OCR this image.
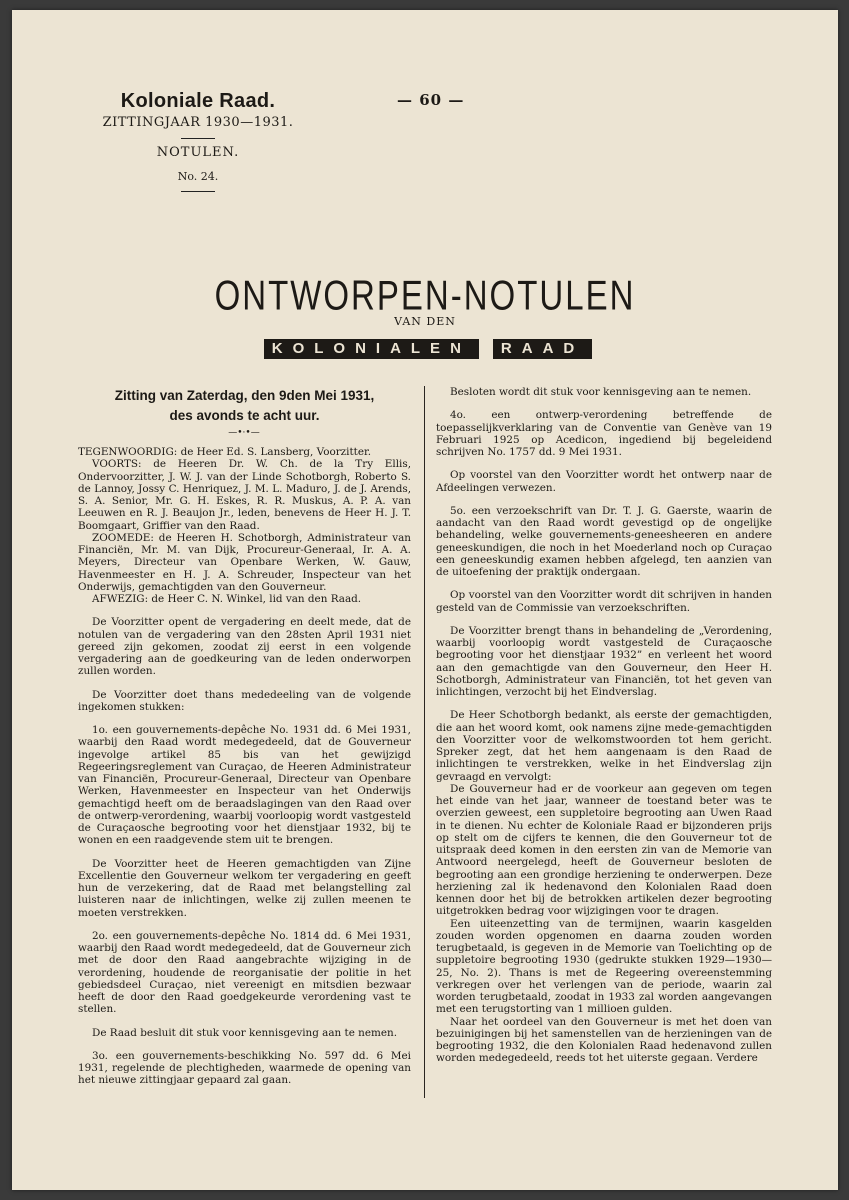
Koloniale Raad.
ZITTINGJAAR 1930—1931.
NOTULEN.
No. 24.
— 60 —
ONTWORPEN-NOTULEN
VAN DEN
KOLONIALEN	RAAD
Zitting van Zaterdag, den 9den Mei 1931,
des avonds te acht uur.
—•·•—

TEGENWOORDIG: de Heer Ed. S. Lansberg, Voorzitter.

VOORTS: de Heeren Dr. W. Ch. de la Try Ellis, Ondervoorzitter, J. W. J. van der Linde Schotborgh, Roberto S. de Lannoy, Jossy C. Henriquez, J. M. L. Maduro, J. de J. Arends, S. A. Senior, Mr. G. H. Eskes, R. R. Muskus, A. P. A. van Leeuwen en R. J. Beaujon Jr., leden, benevens de Heer H. J. T. Boomgaart, Griffier van den Raad.

ZOOMEDE: de Heeren H. Schotborgh, Administrateur van Financiën, Mr. M. van Dijk, Procureur-Generaal, Ir. A. A. Meyers, Directeur van Openbare Werken, W. Gauw, Havenmeester en H. J. A. Schreuder, Inspecteur van het Onderwijs, gemachtigden van den Gouverneur.

AFWEZIG: de Heer C. N. Winkel, lid van den Raad.

De Voorzitter opent de vergadering en deelt mede, dat de notulen van de vergadering van den 28sten April 1931 niet gereed zijn gekomen, zoodat zij eerst in een volgende vergadering aan de goedkeuring van de leden onderworpen zullen worden.

De Voorzitter doet thans mededeeling van de volgende ingekomen stukken:

1o. een gouvernements-depêche No. 1931 dd. 6 Mei 1931, waarbij den Raad wordt medegedeeld, dat de Gouverneur ingevolge artikel 85 bis van het gewijzigd Regeeringsreglement van Curaçao, de Heeren Administrateur van Financiën, Procureur-Generaal, Directeur van Openbare Werken, Havenmeester en Inspecteur van het Onderwijs gemachtigd heeft om de beraadslagingen van den Raad over de ontwerp-verordening, waarbij voorloopig wordt vastgesteld de Curaçaosche begrooting voor het dienstjaar 1932, bij te wonen en een raadgevende stem uit te brengen.

De Voorzitter heet de Heeren gemachtigden van Zijne Excellentie den Gouverneur welkom ter vergadering en geeft hun de verzekering, dat de Raad met belangstelling zal luisteren naar de inlichtingen, welke zij zullen meenen te moeten verstrekken.

2o. een gouvernements-depêche No. 1814 dd. 6 Mei 1931, waarbij den Raad wordt medegedeeld, dat de Gouverneur zich met de door den Raad aangebrachte wijziging in de verordening, houdende de reorganisatie der politie in het gebiedsdeel Curaçao, niet vereenigt en mitsdien bezwaar heeft de door den Raad goedgekeurde verordening vast te stellen.

De Raad besluit dit stuk voor kennisgeving aan te nemen.

3o. een gouvernements-beschikking No. 597 dd. 6 Mei 1931, regelende de plechtigheden, waarmede de opening van het nieuwe zittingjaar gepaard zal gaan.

Besloten wordt dit stuk voor kennisgeving aan te nemen.

4o. een ontwerp-verordening betreffende de toepasselijkverklaring van de Conventie van Genève van 19 Februari 1925 op Acedicon, ingediend bij begeleidend schrijven No. 1757 dd. 9 Mei 1931.

Op voorstel van den Voorzitter wordt het ontwerp naar de Afdeelingen verwezen.

5o. een verzoekschrift van Dr. T. J. G. Gaerste, waarin de aandacht van den Raad wordt gevestigd op de ongelijke behandeling, welke gouvernements-geneesheeren en andere geneeskundigen, die noch in het Moederland noch op Curaçao een geneeskundig examen hebben afgelegd, ten aanzien van de uitoefening der praktijk ondergaan.

Op voorstel van den Voorzitter wordt dit schrijven in handen gesteld van de Commissie van verzoekschriften.

De Voorzitter brengt thans in behandeling de „Verordening, waarbij voorloopig wordt vastgesteld de Curaçaosche begrooting voor het dienstjaar 1932” en verleent het woord aan den gemachtigde van den Gouverneur, den Heer H. Schotborgh, Administrateur van Financiën, tot het geven van inlichtingen, verzocht bij het Eindverslag.

De Heer Schotborgh bedankt, als eerste der gemachtigden, die aan het woord komt, ook namens zijne mede-gemachtigden den Voorzitter voor de welkomstwoorden tot hem gericht. Spreker zegt, dat het hem aangenaam is den Raad de inlichtingen te verstrekken, welke in het Eindverslag zijn gevraagd en vervolgt:

De Gouverneur had er de voorkeur aan gegeven om tegen het einde van het jaar, wanneer de toestand beter was te overzien geweest, een suppletoire begrooting aan Uwen Raad in te dienen. Nu echter de Koloniale Raad er bijzonderen prijs op stelt om de cijfers te kennen, die den Gouverneur tot de uitspraak deed komen in den eersten zin van de Memorie van Antwoord neergelegd, heeft de Gouverneur besloten de begrooting aan een grondige herziening te onderwerpen. Deze herziening zal ik hedenavond den Kolonialen Raad doen kennen door het bij de betrokken artikelen dezer begrooting uitgetrokken bedrag voor wijzigingen voor te dragen.

Een uiteenzetting van de termijnen, waarin kasgelden zouden worden opgenomen en daarna zouden worden terugbetaald, is gegeven in de Memorie van Toelichting op de suppletoire begrooting 1930 (gedrukte stukken 1929—1930—25, No. 2). Thans is met de Regeering overeenstemming verkregen over het verlengen van de periode, waarin zal worden terugbetaald, zoodat in 1933 zal worden aangevangen met een terugstorting van 1 millioen gulden.

Naar het oordeel van den Gouverneur is met het doen van bezuinigingen bij het samenstellen van de herzieningen van de begrooting 1932, die den Kolonialen Raad hedenavond zullen worden medegedeeld, reeds tot het uiterste gegaan. Verdere
